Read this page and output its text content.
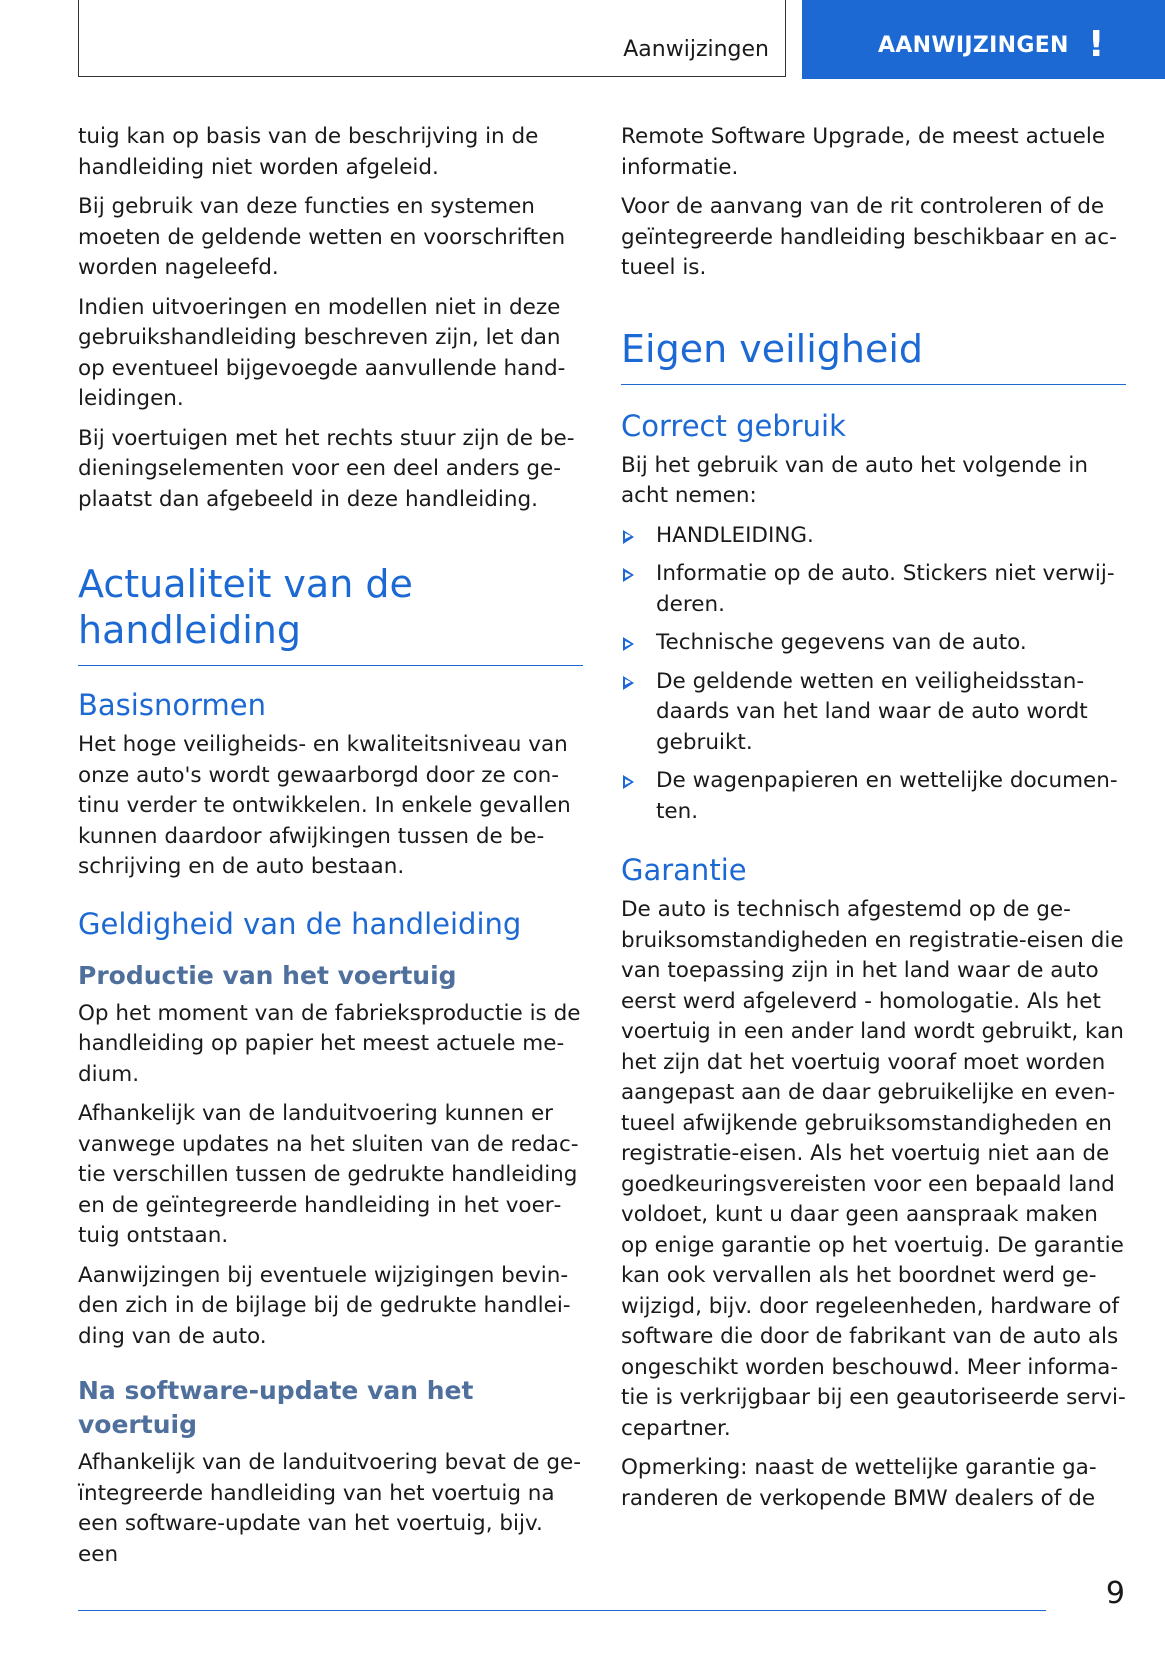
Aanwijzingen	AANWIJZINGEN !

tuig kan op basis van de beschrijving in de handleiding niet worden afgeleid.

Bij gebruik van deze functies en systemen moeten de geldende wetten en voorschriften worden nageleefd.

Indien uitvoeringen en modellen niet in deze gebruikshandleiding beschreven zijn, let dan op eventueel bijgevoegde aanvullende handleidingen.

Bij voertuigen met het rechts stuur zijn de bedieningselementen voor een deel anders geplaatst dan afgebeeld in deze handleiding.

Actualiteit van de handleiding
Basisnormen

Het hoge veiligheids- en kwaliteitsniveau van onze auto's wordt gewaarborgd door ze continu verder te ontwikkelen. In enkele gevallen kunnen daardoor afwijkingen tussen de beschrijving en de auto bestaan.

Geldigheid van de handleiding
Productie van het voertuig

Op het moment van de fabrieksproductie is de handleiding op papier het meest actuele medium.

Afhankelijk van de landuitvoering kunnen er vanwege updates na het sluiten van de redactie verschillen tussen de gedrukte handleiding en de geïntegreerde handleiding in het voertuig ontstaan.

Aanwijzingen bij eventuele wijzigingen bevinden zich in de bijlage bij de gedrukte handleiding van de auto.

Na software-update van het voertuig

Afhankelijk van de landuitvoering bevat de geïntegreerde handleiding van het voertuig na een software-update van het voertuig, bijv. een

Remote Software Upgrade, de meest actuele informatie.

Voor de aanvang van de rit controleren of de geïntegreerde handleiding beschikbaar en actueel is.

Eigen veiligheid
Correct gebruik

Bij het gebruik van de auto het volgende in acht nemen:

HANDLEIDING.
Informatie op de auto. Stickers niet verwijderen.
Technische gegevens van de auto.
De geldende wetten en veiligheidsstandaards van het land waar de auto wordt gebruikt.
De wagenpapieren en wettelijke documenten.
Garantie

De auto is technisch afgestemd op de gebruiksomstandigheden en registratie-eisen die van toepassing zijn in het land waar de auto eerst werd afgeleverd - homologatie. Als het voertuig in een ander land wordt gebruikt, kan het zijn dat het voertuig vooraf moet worden aangepast aan de daar gebruikelijke en eventueel afwijkende gebruiksomstandigheden en registratie-eisen. Als het voertuig niet aan de goedkeuringsvereisten voor een bepaald land voldoet, kunt u daar geen aanspraak maken op enige garantie op het voertuig. De garantie kan ook vervallen als het boordnet werd gewijzigd, bijv. door regeleenheden, hardware of software die door de fabrikant van de auto als ongeschikt worden beschouwd. Meer informatie is verkrijgbaar bij een geautoriseerde servicepartner.

Opmerking: naast de wettelijke garantie garanderen de verkopende BMW dealers of de

9
